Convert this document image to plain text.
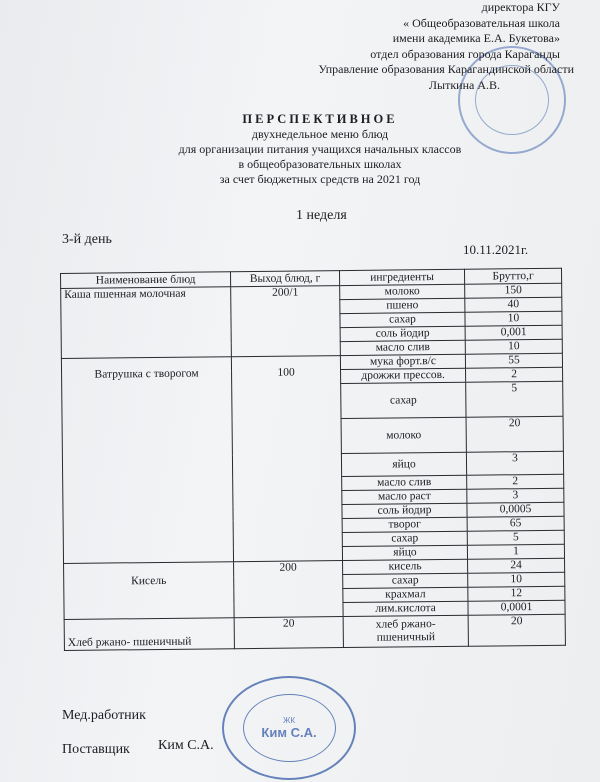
директора КГУ
« Общеобразовательная школа
имени академика Е.А. Букетова»
отдел образования города Караганды
Управление образования Карагандинской области
Лыткина А.В.
ПЕРСПЕКТИВНОЕ
двухнедельное меню блюд
для организации питания учащихся начальных классов
в общеобразовательных школах
за счет бюджетных средств на 2021 год
1 неделя
3-й день
10.11.2021г.
Наименование блюд	Выход блюд, г	ингредиенты	Брутто,г
Каша пшенная молочная	200/1	молоко	150
		пшено	40
		сахар	10
		соль йодир	0,001
		масло слив	10
Ватрушка с творогом	100	мука форт.в/с	55
		дрожжи прессов.	2
		сахар	5
		молоко	20
		яйцо	3
		масло слив	2
		масло раст	3
		соль йодир	0,0005
		творог	65
		сахар	5
		яйцо	1
Кисель	200	кисель	24
		сахар	10
		крахмал	12
		лим.кислота	0,0001
Хлеб ржано- пшеничный	20	хлеб ржано-пшеничный	20
Мед.работник
Поставщик Ким С.А.
ЖК
Ким С.А.
